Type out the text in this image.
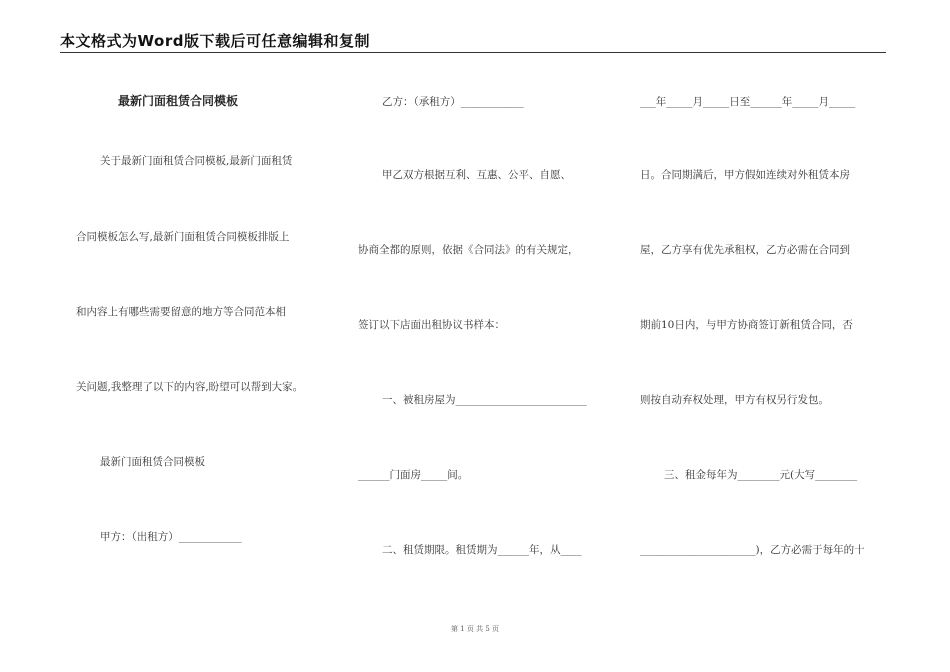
本文格式为Word版下载后可任意编辑和复制
最新门面租赁合同模板
关于最新门面租赁合同模板,最新门面租赁
合同模板怎么写,最新门面租赁合同模板排版上
和内容上有哪些需要留意的地方等合同范本相
关问题,我整理了以下的内容,盼望可以帮到大家。
最新门面租赁合同模板
甲方：（出租方）____________
乙方：（承租方）____________
甲乙双方根据互利、互惠、公平、自愿、
协商全都的原则，依据《合同法》的有关规定，
签订以下店面出租协议书样本：
一、被租房屋为_________________________
______门面房_____间。
二、租赁期限。租赁期为______年，从____
___年_____月_____日至______年_____月_____
日。合同期满后，甲方假如连续对外租赁本房
屋，乙方享有优先承租权，乙方必需在合同到
期前10日内，与甲方协商签订新租赁合同，否
则按自动弃权处理，甲方有权另行发包。
三、租金每年为________元(大写________
______________________)，乙方必需于每年的十
第 1 页 共 5 页
